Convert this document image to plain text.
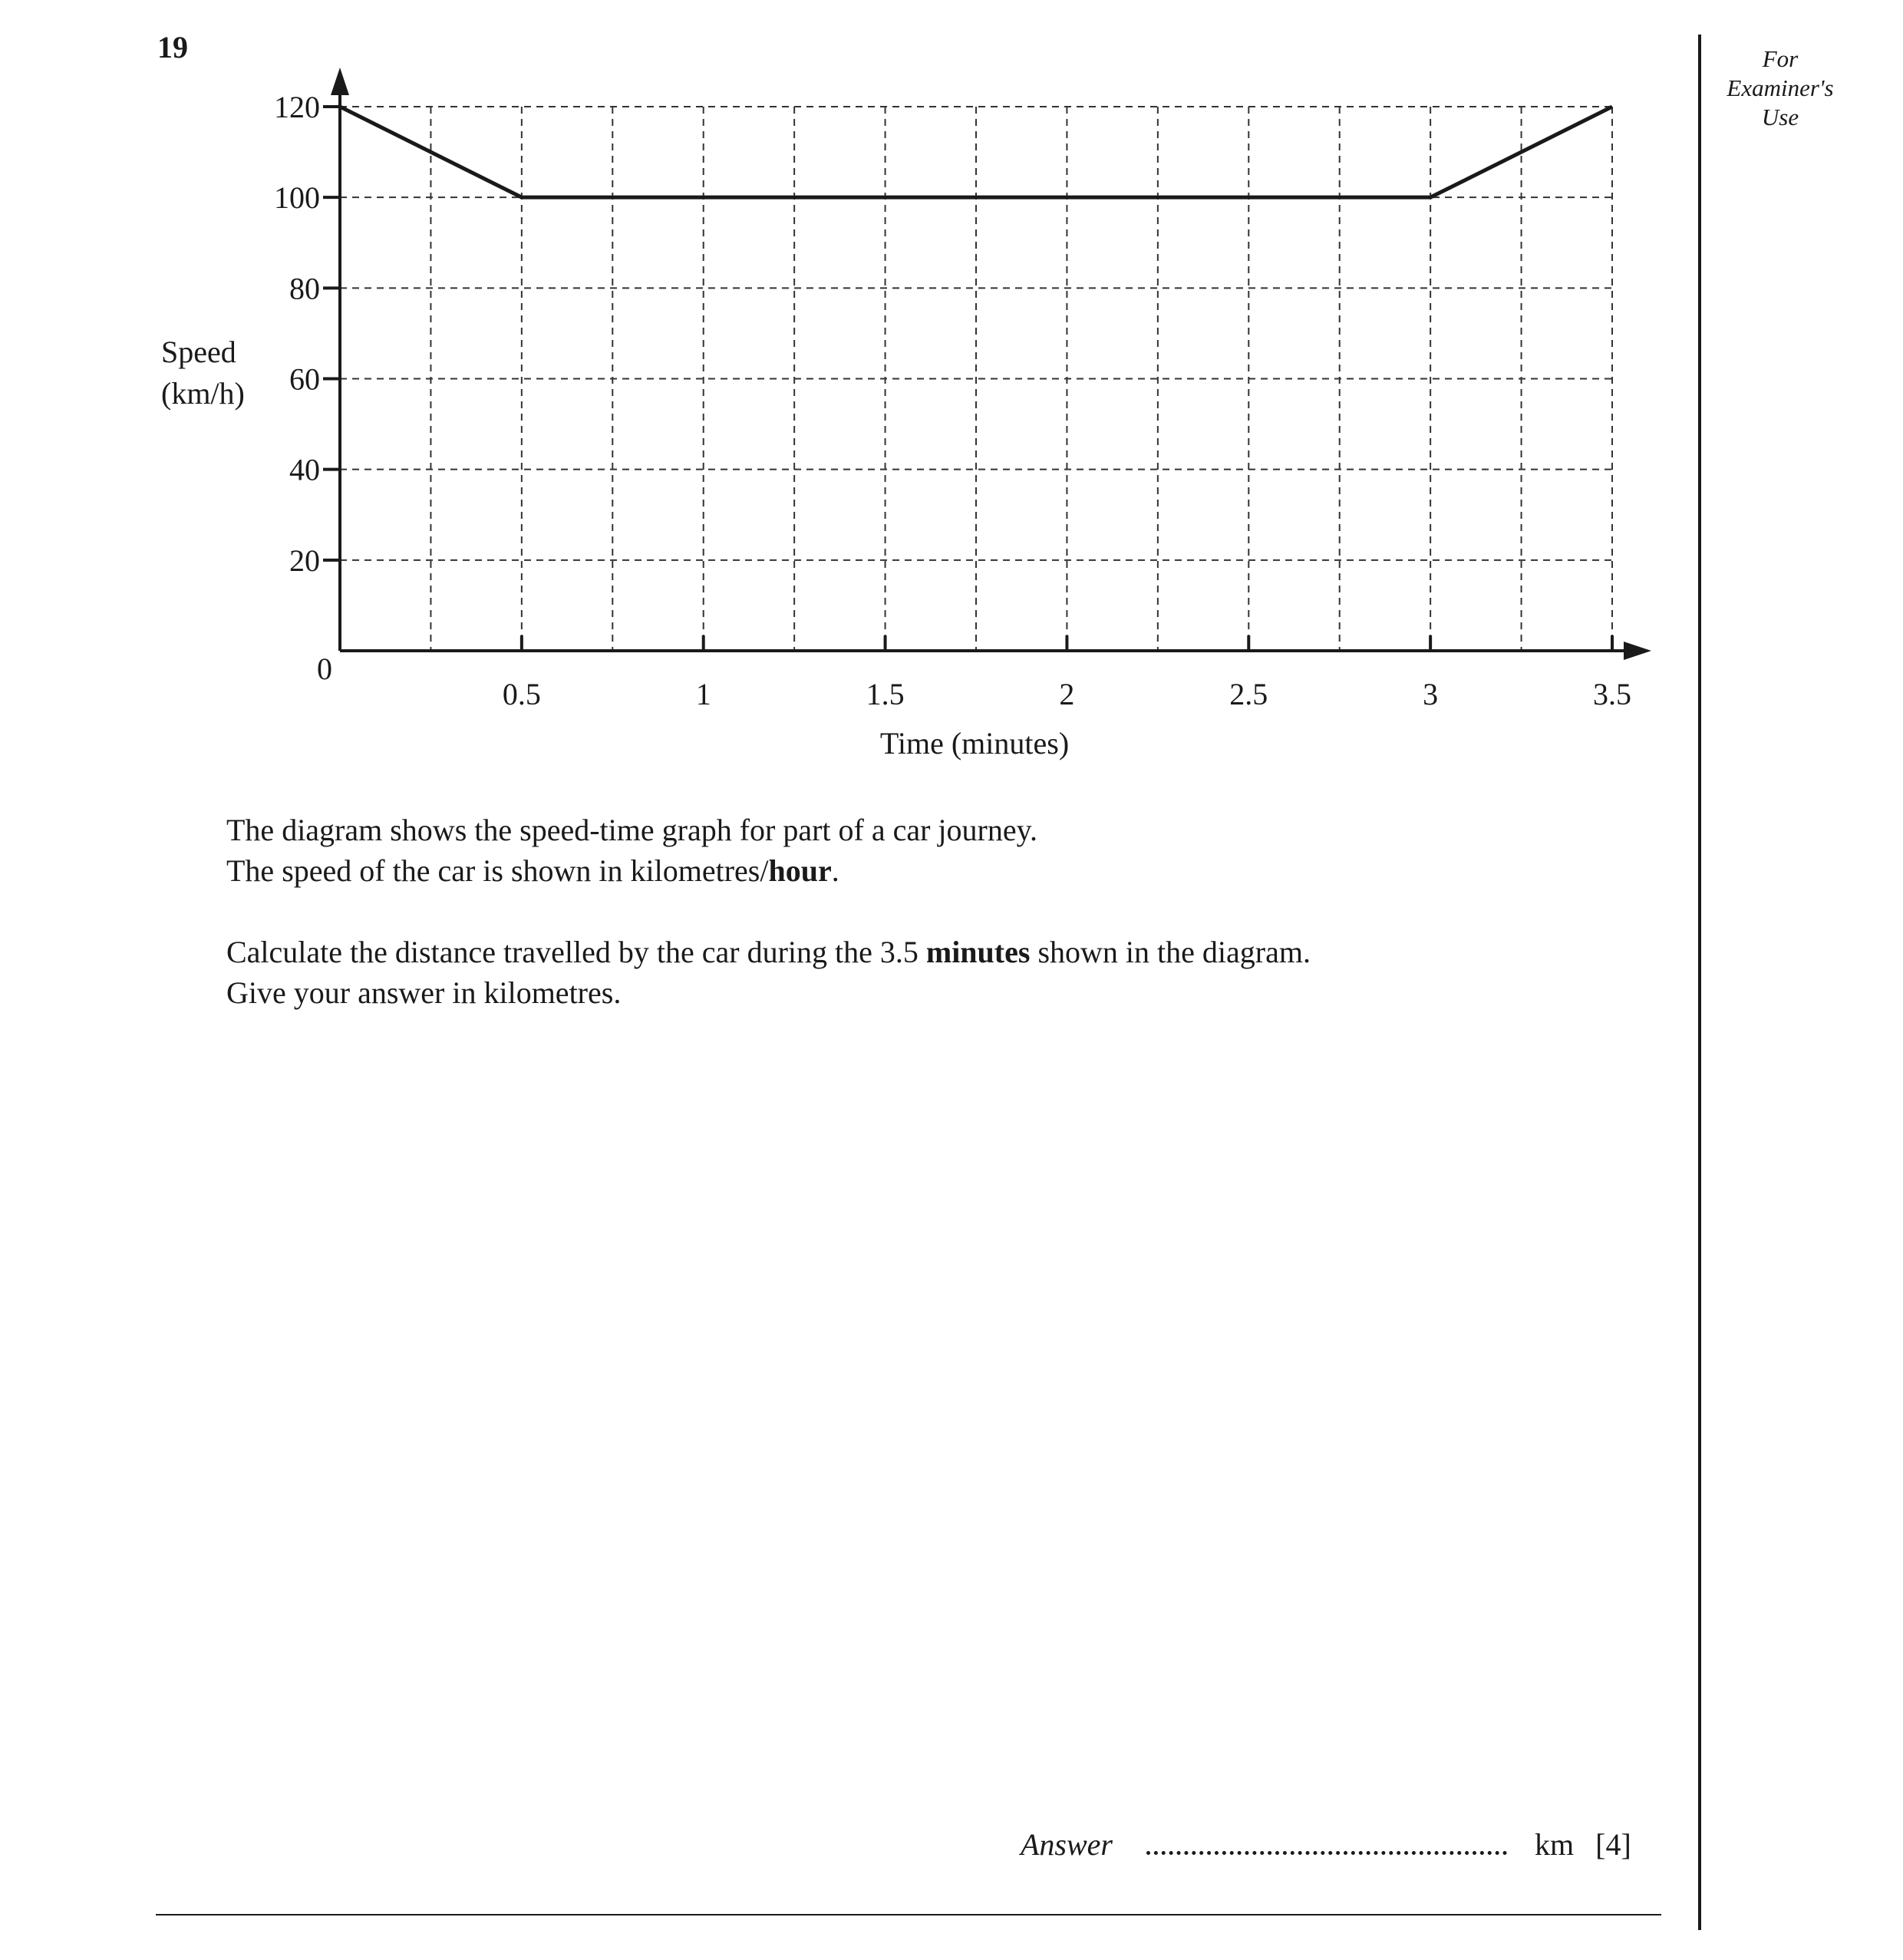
19	For
Examiner's
Use
0.5	1	1.5	2	2.5	3	3.5
20
40
60
80
100
120
0
Speed
(km/h)
Time (minutes)

The diagram shows the speed-time graph for part of a car journey.

The speed of the car is shown in kilometres/hour.

Calculate the distance travelled by the car during the 3.5 minutes shown in the diagram.

Give your answer in kilometres.

Answer	km [4]
